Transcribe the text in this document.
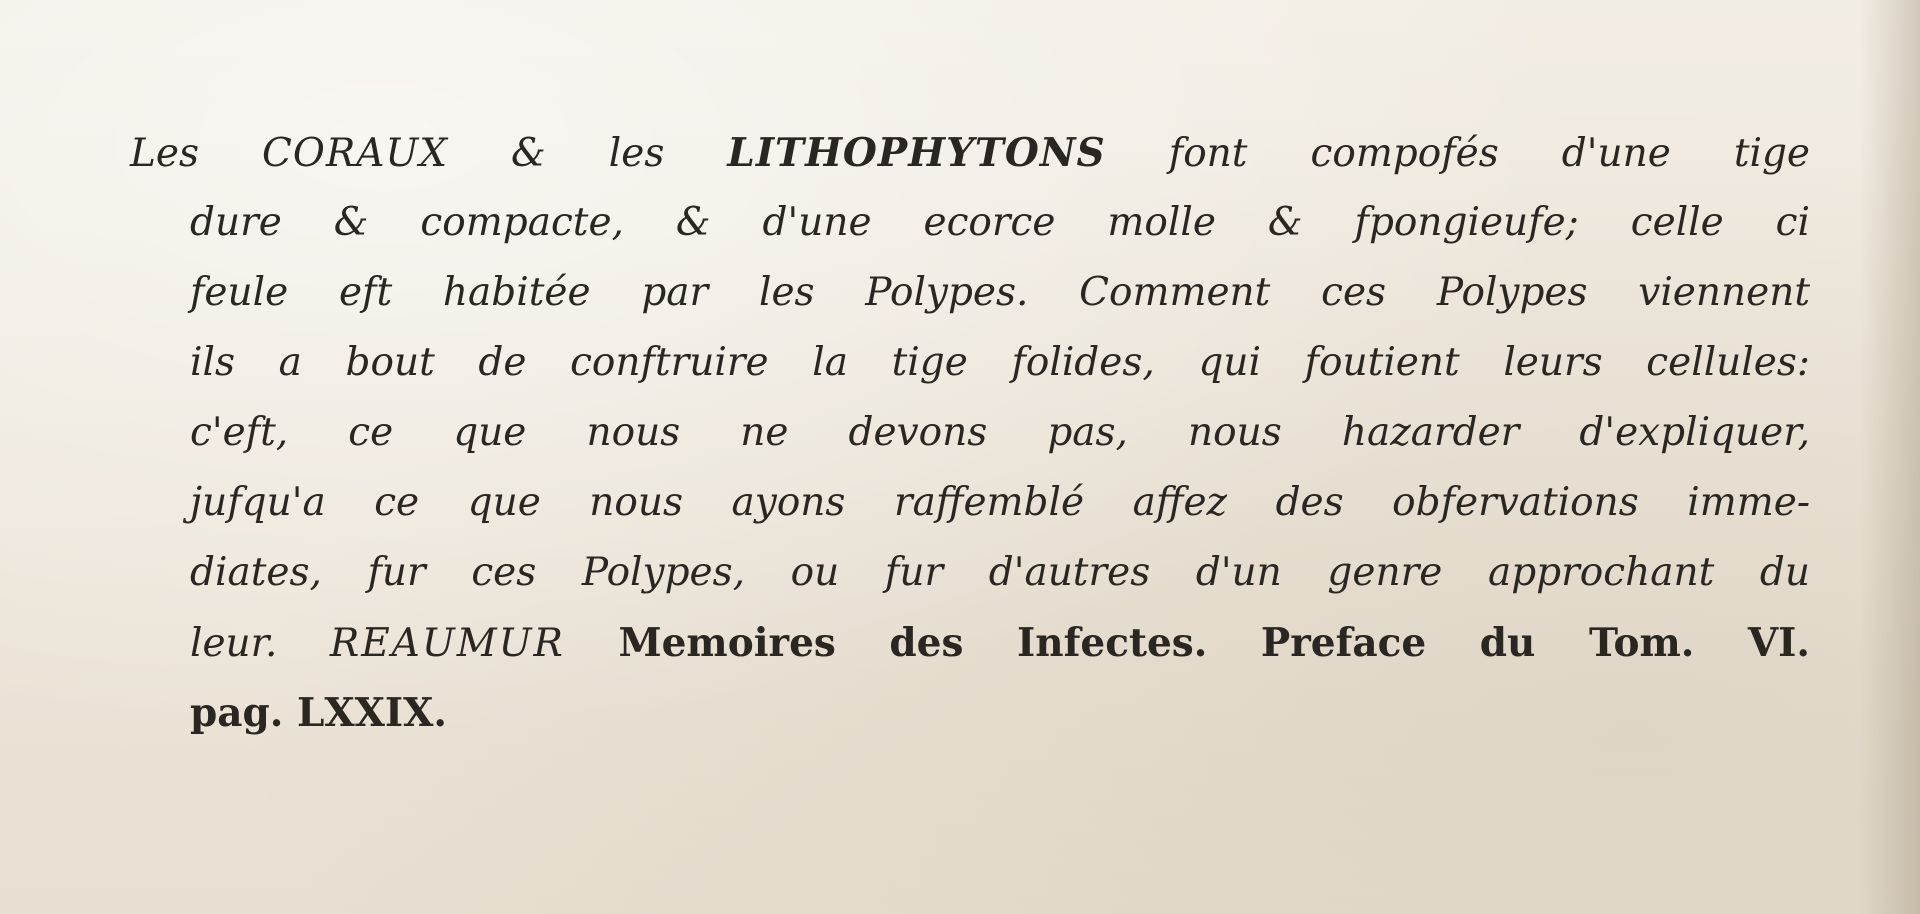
Les CORAUX & les LITHOPHYTONS font compofés d'une tige
dure & compacte, & d'une ecorce molle & fpongieufe; celle ci
feule eft habitée par les Polypes. Comment ces Polypes viennent
ils a bout de conftruire la tige folides, qui foutient leurs cellules:
c'eft, ce que nous ne devons pas, nous hazarder d'expliquer,
jufqu'a ce que nous ayons raffemblé affez des obfervations imme-
diates, fur ces Polypes, ou fur d'autres d'un genre approchant du
leur. REAUMUR Memoires des Infectes. Preface du Tom. VI.
pag. LXXIX.
